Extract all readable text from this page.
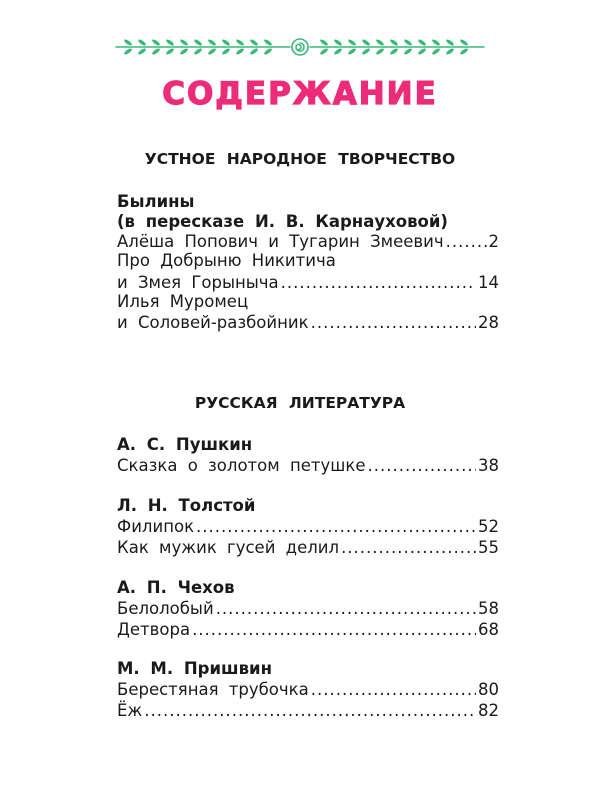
СОДЕРЖАНИЕ
УСТНОЕ НАРОДНОЕ ТВОРЧЕСТВО
Былины
(в пересказе И. В. Карнауховой)
Алёша Попович и Тугарин Змеевич .....	2
Про Добрыню Никитича
и Змея Горыныча .....	14
Илья Муромец
и Соловей-разбойник .....	28
РУССКАЯ ЛИТЕРАТУРА
А. С. Пушкин
Сказка о золотом петушке .....	38
Л. Н. Толстой
Филипок .....	52
Как мужик гусей делил .....	55
А. П. Чехов
Белолобый .....	58
Детвора .....	68
М. М. Пришвин
Берестяная трубочка .....	80
Ёж .....	82
